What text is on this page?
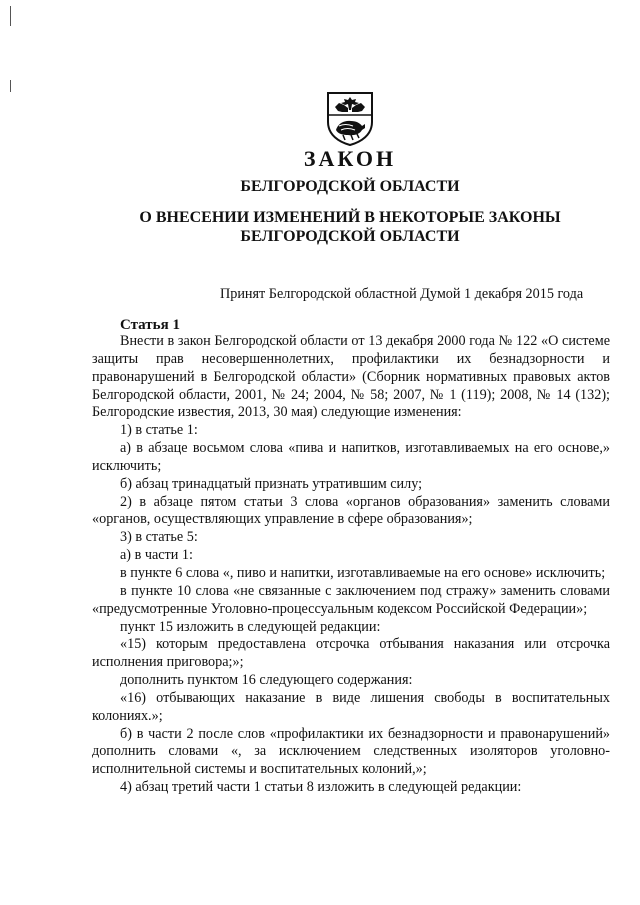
ЗАКОН
БЕЛГОРОДСКОЙ ОБЛАСТИ
О ВНЕСЕНИИ ИЗМЕНЕНИЙ В НЕКОТОРЫЕ ЗАКОНЫ
БЕЛГОРОДСКОЙ ОБЛАСТИ
Принят Белгородской областной Думой 1 декабря 2015 года
Статья 1

Внести в закон Белгородской области от 13 декабря 2000 года № 122 «О системе защиты прав несовершеннолетних, профилактики их безнадзорности и правонарушений в Белгородской области» (Сборник нормативных правовых актов Белгородской области, 2001, № 24; 2004, № 58; 2007, № 1 (119); 2008, № 14 (132); Белгородские известия, 2013, 30 мая) следующие изменения:

1) в статье 1:

а) в абзаце восьмом слова «пива и напитков, изготавливаемых на его основе,» исключить;

б) абзац тринадцатый признать утратившим силу;

2) в абзаце пятом статьи 3 слова «органов образования» заменить словами «органов, осуществляющих управление в сфере образования»;

3) в статье 5:

а) в части 1:

в пункте 6 слова «, пиво и напитки, изготавливаемые на его основе» исключить;

в пункте 10 слова «не связанные с заключением под стражу» заменить словами «предусмотренные Уголовно-процессуальным кодексом Российской Федерации»;

пункт 15 изложить в следующей редакции:

«15) которым предоставлена отсрочка отбывания наказания или отсрочка исполнения приговора;»;

дополнить пунктом 16 следующего содержания:

«16) отбывающих наказание в виде лишения свободы в воспитательных колониях.»;

б) в части 2 после слов «профилактики их безнадзорности и правонарушений» дополнить словами «, за исключением следственных изоляторов уголовно-исполнительной системы и воспитательных колоний,»;

4) абзац третий части 1 статьи 8 изложить в следующей редакции:
